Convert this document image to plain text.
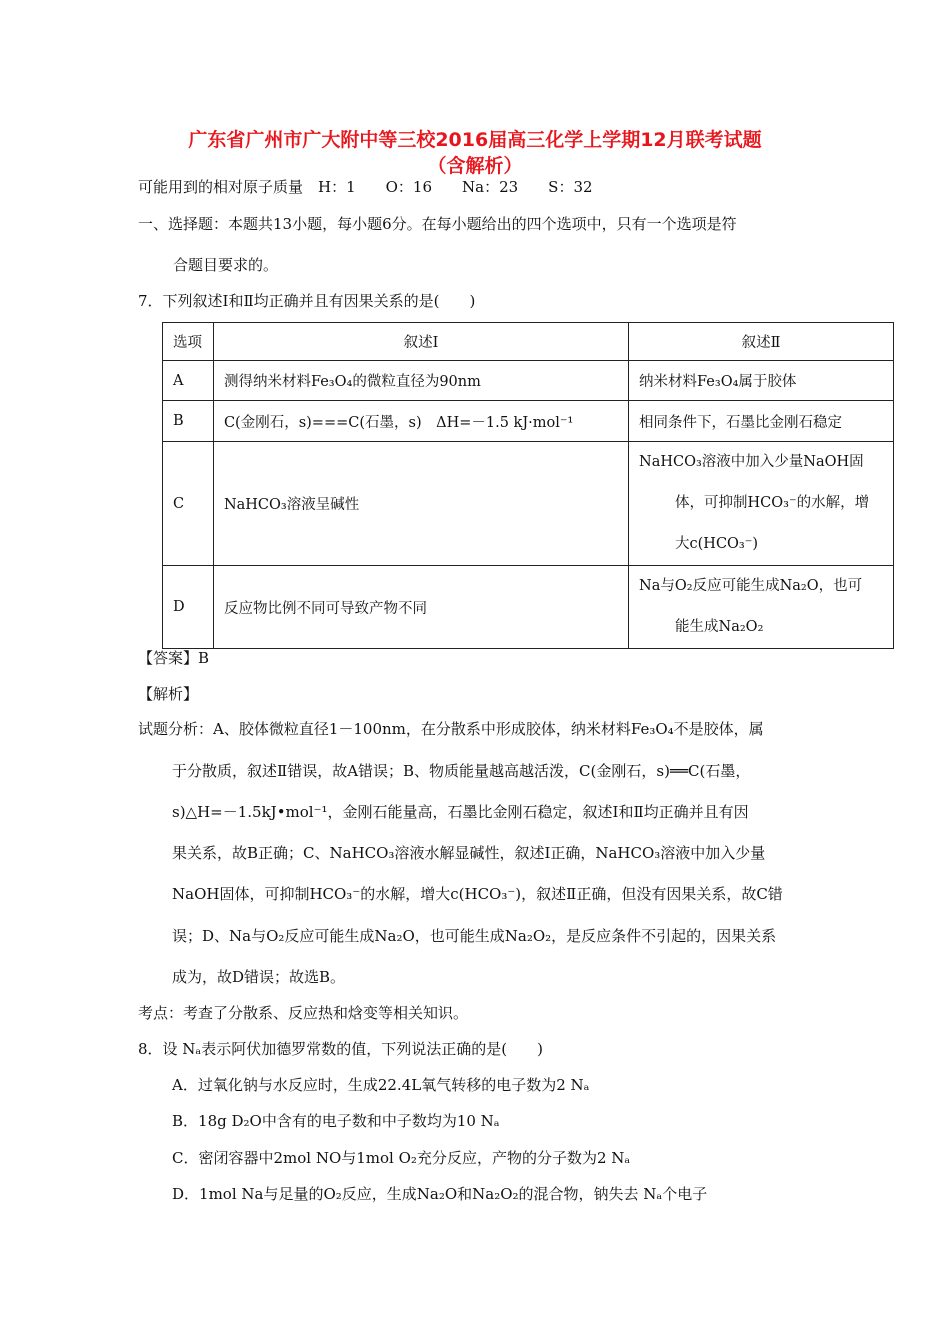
广东省广州市广大附中等三校2016届高三化学上学期12月联考试题
（含解析）
可能用到的相对原子质量　H：1　　O：16　　Na：23　　S：32
一、选择题：本题共13小题，每小题6分。在每小题给出的四个选项中，只有一个选项是符
合题目要求的。
7．下列叙述Ⅰ和Ⅱ均正确并且有因果关系的是(　　)
选项	叙述Ⅰ	叙述Ⅱ
A	测得纳米材料Fe₃O₄的微粒直径为90nm	纳米材料Fe₃O₄属于胶体
B	C(金刚石，s)===C(石墨，s)　ΔH=－1.5 kJ·mol⁻¹	相同条件下，石墨比金刚石稳定
C	NaHCO₃溶液呈碱性	NaHCO₃溶液中加入少量NaOH固
体，可抑制HCO₃⁻的水解，增
大c(HCO₃⁻)

D	反应物比例不同可导致产物不同	Na与O₂反应可能生成Na₂O，也可
能生成Na₂O₂
【答案】B
【解析】
试题分析：A、胶体微粒直径1－100nm，在分散系中形成胶体，纳米材料Fe₃O₄不是胶体，属
于分散质，叙述Ⅱ错误，故A错误；B、物质能量越高越活泼，C(金刚石，s)══C(石墨，
s)△H=－1.5kJ•mol⁻¹，金刚石能量高，石墨比金刚石稳定，叙述Ⅰ和Ⅱ均正确并且有因
果关系，故B正确；C、NaHCO₃溶液水解显碱性，叙述Ⅰ正确，NaHCO₃溶液中加入少量
NaOH固体，可抑制HCO₃⁻的水解，增大c(HCO₃⁻)，叙述Ⅱ正确，但没有因果关系，故C错
误；D、Na与O₂反应可能生成Na₂O，也可能生成Na₂O₂，是反应条件不引起的，因果关系
成为，故D错误；故选B。
考点：考查了分散系、反应热和焓变等相关知识。
8．设 Nₐ表示阿伏加德罗常数的值，下列说法正确的是(　　)
A．过氧化钠与水反应时，生成22.4L氧气转移的电子数为2 Nₐ
B．18g D₂O中含有的电子数和中子数均为10 Nₐ
C．密闭容器中2mol NO与1mol O₂充分反应，产物的分子数为2 Nₐ
D．1mol Na与足量的O₂反应，生成Na₂O和Na₂O₂的混合物，钠失去 Nₐ个电子
